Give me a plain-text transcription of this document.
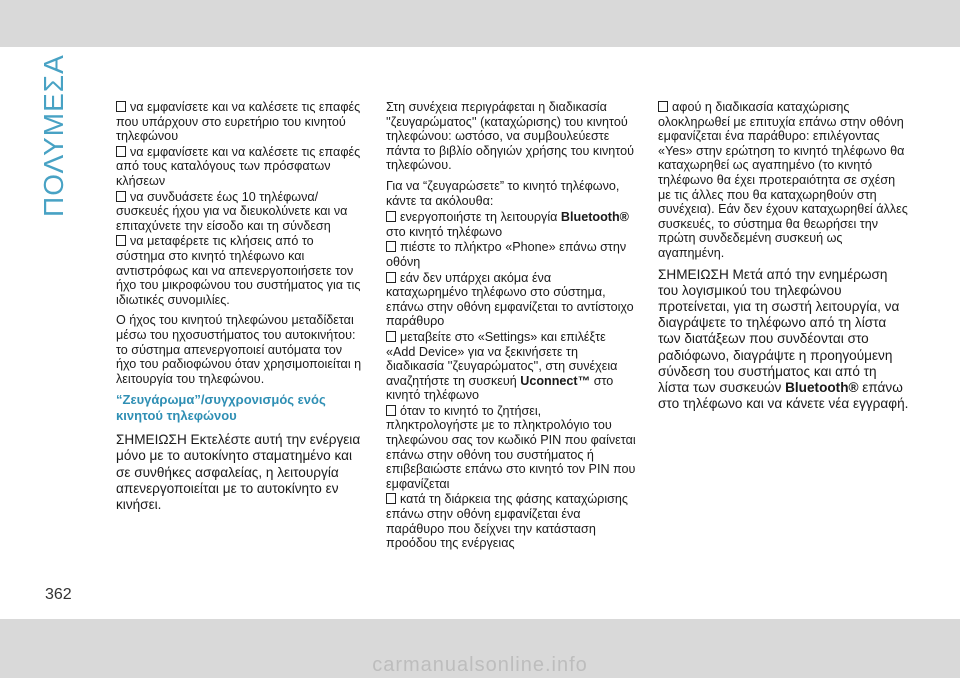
ΠΟΛΥΜΕΣΑ	να εμφανίσετε και να καλέσετε τις επαφές που υπάρχουν στο ευρετήριο του κινητού τηλεφώνου
να εμφανίσετε και να καλέσετε τις επαφές από τους καταλόγους των πρόσφατων κλήσεων
να συνδυάσετε έως 10 τηλέφωνα/ συσκευές ήχου για να διευκολύνετε και να επιταχύνετε την είσοδο και τη σύνδεση
να μεταφέρετε τις κλήσεις από το σύστημα στο κινητό τηλέφωνο και αντιστρόφως και να απενεργοποιήσετε τον ήχο του μικροφώνου του συστήματος για τις ιδιωτικές συνομιλίες.

Ο ήχος του κινητού τηλεφώνου μεταδίδεται μέσω του ηχοσυστήματος του αυτοκινήτου: το σύστημα απενεργοποιεί αυτόματα τον ήχο του ραδιοφώνου όταν χρησιμοποιείται η λειτουργία του τηλεφώνου.

“Ζευγάρωμα”/συγχρονισμός ενός κινητού τηλεφώνου

ΣΗΜΕΙΩΣΗ Εκτελέστε αυτή την ενέργεια μόνο με το αυτοκίνητο σταματημένο και σε συνθήκες ασφαλείας, η λειτουργία απενεργοποιείται με το αυτοκίνητο εν κινήσει.

Στη συνέχεια περιγράφεται η διαδικασία ''ζευγαρώματος'' (καταχώρισης) του κινητού τηλεφώνου: ωστόσο, να συμβουλεύεστε πάντα το βιβλίο οδηγιών χρήσης του κινητού τηλεφώνου.

Για να “ζευγαρώσετε” το κινητό τηλέφωνο, κάντε τα ακόλουθα:

ενεργοποιήστε τη λειτουργία Bluetooth® στο κινητό τηλέφωνο
πιέστε το πλήκτρο «Phone» επάνω στην οθόνη
εάν δεν υπάρχει ακόμα ένα καταχωρημένο τηλέφωνο στο σύστημα, επάνω στην οθόνη εμφανίζεται το αντίστοιχο παράθυρο
μεταβείτε στο «Settings» και επιλέξτε «Add Device» για να ξεκινήσετε τη διαδικασία ''ζευγαρώματος'', στη συνέχεια αναζητήστε τη συσκευή Uconnect™ στο κινητό τηλέφωνο
όταν το κινητό το ζητήσει, πληκτρολογήστε με το πληκτρολόγιο του τηλεφώνου σας τον κωδικό PIN που φαίνεται επάνω στην οθόνη του συστήματος ή επιβεβαιώστε επάνω στο κινητό τον PIN που εμφανίζεται
κατά τη διάρκεια της φάσης καταχώρισης επάνω στην οθόνη εμφανίζεται ένα παράθυρο που δείχνει την κατάσταση προόδου της ενέργειας
αφού η διαδικασία καταχώρισης ολοκληρωθεί με επιτυχία επάνω στην οθόνη εμφανίζεται ένα παράθυρο: επιλέγοντας «Yes» στην ερώτηση το κινητό τηλέφωνο θα καταχωρηθεί ως αγαπημένο (το κινητό τηλέφωνο θα έχει προτεραιότητα σε σχέση με τις άλλες που θα καταχωρηθούν στη συνέχεια). Εάν δεν έχουν καταχωρηθεί άλλες συσκευές, το σύστημα θα θεωρήσει την πρώτη συνδεδεμένη συσκευή ως αγαπημένη.

ΣΗΜΕΙΩΣΗ Μετά από την ενημέρωση του λογισμικού του τηλεφώνου προτείνεται, για τη σωστή λειτουργία, να διαγράψετε το τηλέφωνο από τη λίστα των διατάξεων που συνδέονται στο ραδιόφωνο, διαγράψτε η προηγούμενη σύνδεση του συστήματος και από τη λίστα των συσκευών Bluetooth® επάνω στο τηλέφωνο και να κάνετε νέα εγγραφή.

362
carmanualsonline.info
